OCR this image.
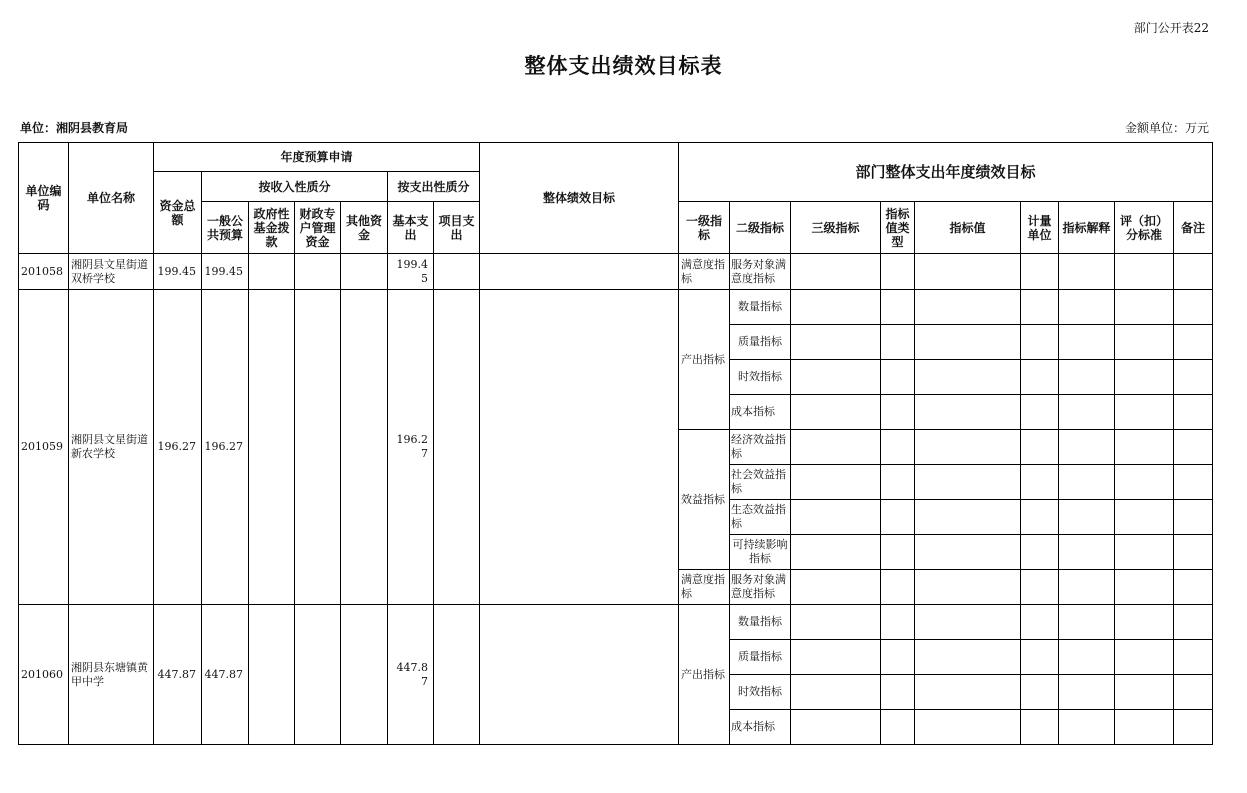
部门公开表22
整体支出绩效目标表
单位：湘阴县教育局	金额单位：万元
单位编码	单位名称	年度预算申请							整体绩效目标	部门整体支出年度绩效目标								
		资金总额	按收入性质分				按支出性质分											
			一般公共预算	政府性基金拨款	财政专户管理资金	其他资金	基本支出	项目支出		一级指标	二级指标	三级指标	指标值类型	指标值	计量单位	指标解释	评（扣）分标准	备注
201058	湘阴县文星街道双桥学校	199.45	199.45				199.45			满意度指标	服务对象满意度指标							
201059	湘阴县文星街道新农学校	196.27	196.27				196.27			产出指标	数量指标							
											质量指标							
											时效指标							
											成本指标							
										效益指标	经济效益指标							
											社会效益指标							
											生态效益指标							
											可持续影响指标							
										满意度指标	服务对象满意度指标							
201060	湘阴县东塘镇黄甲中学	447.87	447.87				447.87			产出指标	数量指标							
											质量指标							
											时效指标							
											成本指标							
